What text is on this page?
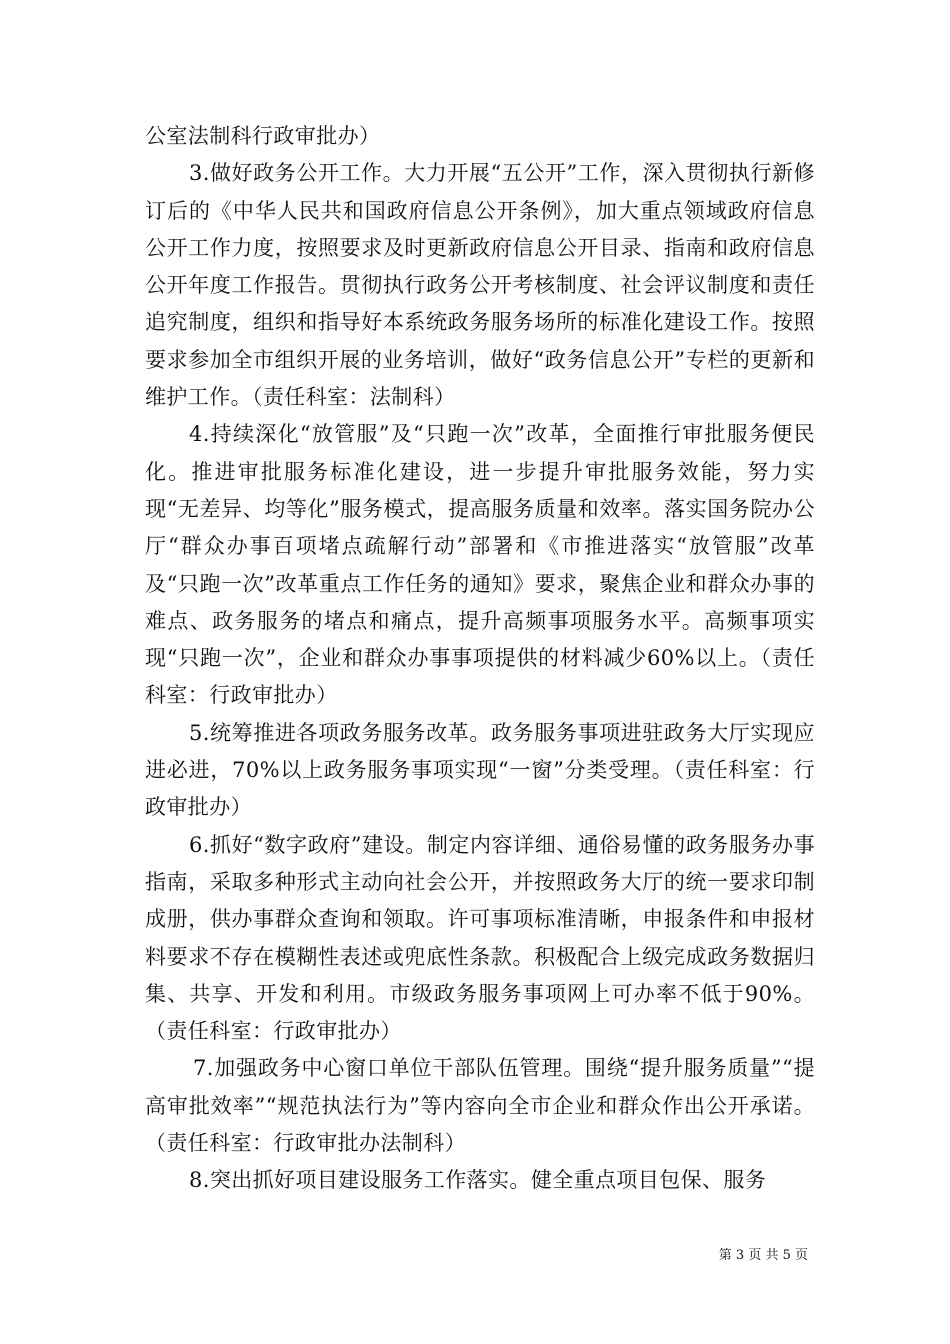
公室法制科行政审批办）

3.做好政务公开工作。大力开展“五公开”工作，深入贯彻执行新修订后的《中华人民共和国政府信息公开条例》，加大重点领域政府信息公开工作力度，按照要求及时更新政府信息公开目录、指南和政府信息公开年度工作报告。贯彻执行政务公开考核制度、社会评议制度和责任追究制度，组织和指导好本系统政务服务场所的标准化建设工作。按照要求参加全市组织开展的业务培训，做好“政务信息公开”专栏的更新和维护工作。（责任科室：法制科）

4.持续深化“放管服”及“只跑一次”改革，全面推行审批服务便民化。推进审批服务标准化建设，进一步提升审批服务效能，努力实现“无差异、均等化”服务模式，提高服务质量和效率。落实国务院办公厅“群众办事百项堵点疏解行动”部署和《市推进落实“放管服”改革及“只跑一次”改革重点工作任务的通知》要求，聚焦企业和群众办事的难点、政务服务的堵点和痛点，提升高频事项服务水平。高频事项实现“只跑一次”，企业和群众办事事项提供的材料减少60%以上。（责任科室：行政审批办）

5.统筹推进各项政务服务改革。政务服务事项进驻政务大厅实现应进必进，70%以上政务服务事项实现“一窗”分类受理。（责任科室：行政审批办）

6.抓好“数字政府”建设。制定内容详细、通俗易懂的政务服务办事指南，采取多种形式主动向社会公开，并按照政务大厅的统一要求印制成册，供办事群众查询和领取。许可事项标准清晰，申报条件和申报材料要求不存在模糊性表述或兜底性条款。积极配合上级完成政务数据归集、共享、开发和利用。市级政务服务事项网上可办率不低于90%。（责任科室：行政审批办）

7.加强政务中心窗口单位干部队伍管理。围绕“提升服务质量”“提高审批效率”“规范执法行为”等内容向全市企业和群众作出公开承诺。（责任科室：行政审批办法制科）

8.突出抓好项目建设服务工作落实。健全重点项目包保、服务

第 3 页 共 5 页
